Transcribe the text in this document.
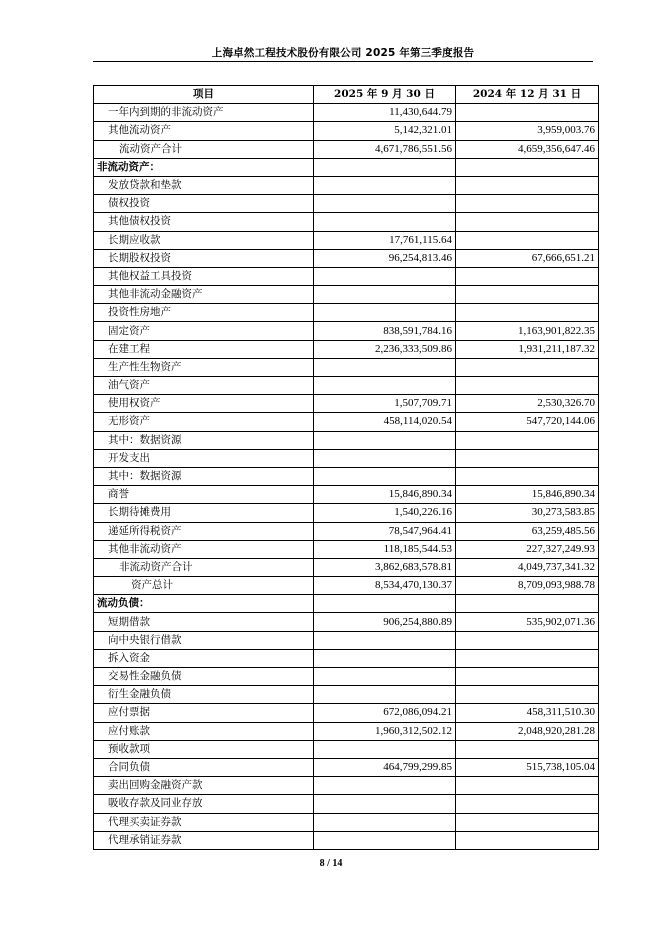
上海卓然工程技术股份有限公司 2025 年第三季度报告
项目	2025 年 9 月 30 日	2024 年 12 月 31 日
一年内到期的非流动资产	11,430,644.79	
其他流动资产	5,142,321.01	3,959,003.76
流动资产合计	4,671,786,551.56	4,659,356,647.46
非流动资产：		
发放贷款和垫款		
债权投资		
其他债权投资		
长期应收款	17,761,115.64	
长期股权投资	96,254,813.46	67,666,651.21
其他权益工具投资		
其他非流动金融资产		
投资性房地产		
固定资产	838,591,784.16	1,163,901,822.35
在建工程	2,236,333,509.86	1,931,211,187.32
生产性生物资产		
油气资产		
使用权资产	1,507,709.71	2,530,326.70
无形资产	458,114,020.54	547,720,144.06
其中：数据资源		
开发支出		
其中：数据资源		
商誉	15,846,890.34	15,846,890.34
长期待摊费用	1,540,226.16	30,273,583.85
递延所得税资产	78,547,964.41	63,259,485.56
其他非流动资产	118,185,544.53	227,327,249.93
非流动资产合计	3,862,683,578.81	4,049,737,341.32
资产总计	8,534,470,130.37	8,709,093,988.78
流动负债：		
短期借款	906,254,880.89	535,902,071.36
向中央银行借款		
拆入资金		
交易性金融负债		
衍生金融负债		
应付票据	672,086,094.21	458,311,510.30
应付账款	1,960,312,502.12	2,048,920,281.28
预收款项		
合同负债	464,799,299.85	515,738,105.04
卖出回购金融资产款		
吸收存款及同业存放		
代理买卖证券款		
代理承销证券款		
8 / 14
